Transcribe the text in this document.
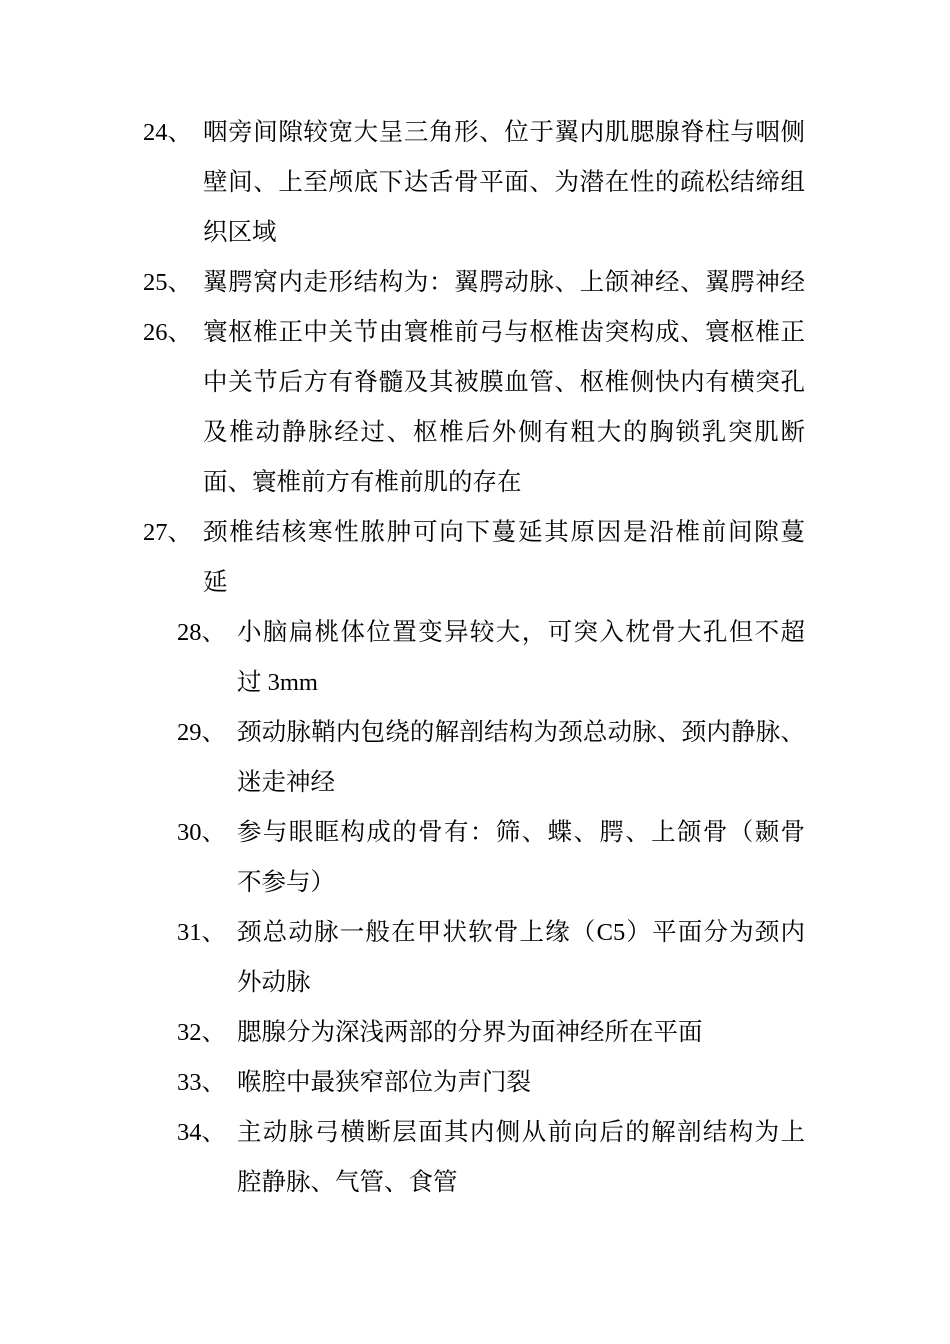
24、 咽旁间隙较宽大呈三角形、位于翼内肌腮腺脊柱与咽侧
壁间、上至颅底下达舌骨平面、为潜在性的疏松结缔组
织区域
25、 翼腭窝内走形结构为：翼腭动脉、上颌神经、翼腭神经
26、 寰枢椎正中关节由寰椎前弓与枢椎齿突构成、寰枢椎正
中关节后方有脊髓及其被膜血管、枢椎侧快内有横突孔
及椎动静脉经过、枢椎后外侧有粗大的胸锁乳突肌断
面、寰椎前方有椎前肌的存在
27、 颈椎结核寒性脓肿可向下蔓延其原因是沿椎前间隙蔓
延
28、 小脑扁桃体位置变异较大，可突入枕骨大孔但不超
过 3mm
29、 颈动脉鞘内包绕的解剖结构为颈总动脉、颈内静脉、
迷走神经
30、 参与眼眶构成的骨有：筛、蝶、腭、上颌骨（颞骨
不参与）
31、 颈总动脉一般在甲状软骨上缘（C5）平面分为颈内
外动脉
32、 腮腺分为深浅两部的分界为面神经所在平面
33、 喉腔中最狭窄部位为声门裂
34、 主动脉弓横断层面其内侧从前向后的解剖结构为上
腔静脉、气管、食管
